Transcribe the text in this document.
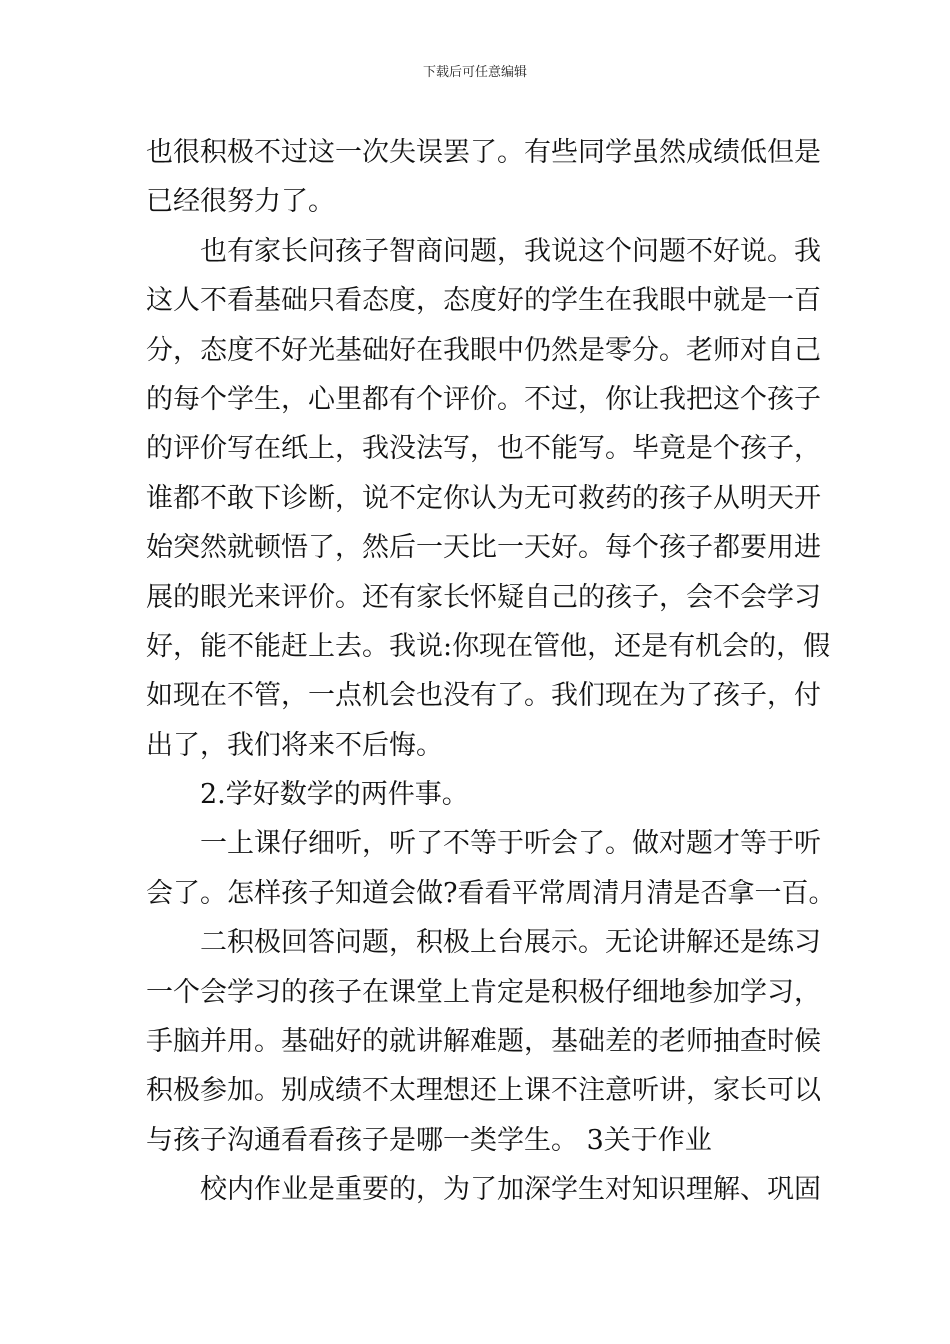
下载后可任意编辑
也很积极不过这一次失误罢了。有些同学虽然成绩低但是
已经很努力了。
也有家长问孩子智商问题，我说这个问题不好说。我
这人不看基础只看态度，态度好的学生在我眼中就是一百
分，态度不好光基础好在我眼中仍然是零分。老师对自己
的每个学生，心里都有个评价。不过，你让我把这个孩子
的评价写在纸上，我没法写，也不能写。毕竟是个孩子，
谁都不敢下诊断，说不定你认为无可救药的孩子从明天开
始突然就顿悟了，然后一天比一天好。每个孩子都要用进
展的眼光来评价。还有家长怀疑自己的孩子，会不会学习
好，能不能赶上去。我说:你现在管他，还是有机会的，假
如现在不管，一点机会也没有了。我们现在为了孩子，付
出了，我们将来不后悔。
2.学好数学的两件事。
一上课仔细听，听了不等于听会了。做对题才等于听
会了。怎样孩子知道会做?看看平常周清月清是否拿一百。
二积极回答问题，积极上台展示。无论讲解还是练习
一个会学习的孩子在课堂上肯定是积极仔细地参加学习，
手脑并用。基础好的就讲解难题，基础差的老师抽查时候
积极参加。别成绩不太理想还上课不注意听讲，家长可以
与孩子沟通看看孩子是哪一类学生。 3关于作业
校内作业是重要的，为了加深学生对知识理解、巩固
